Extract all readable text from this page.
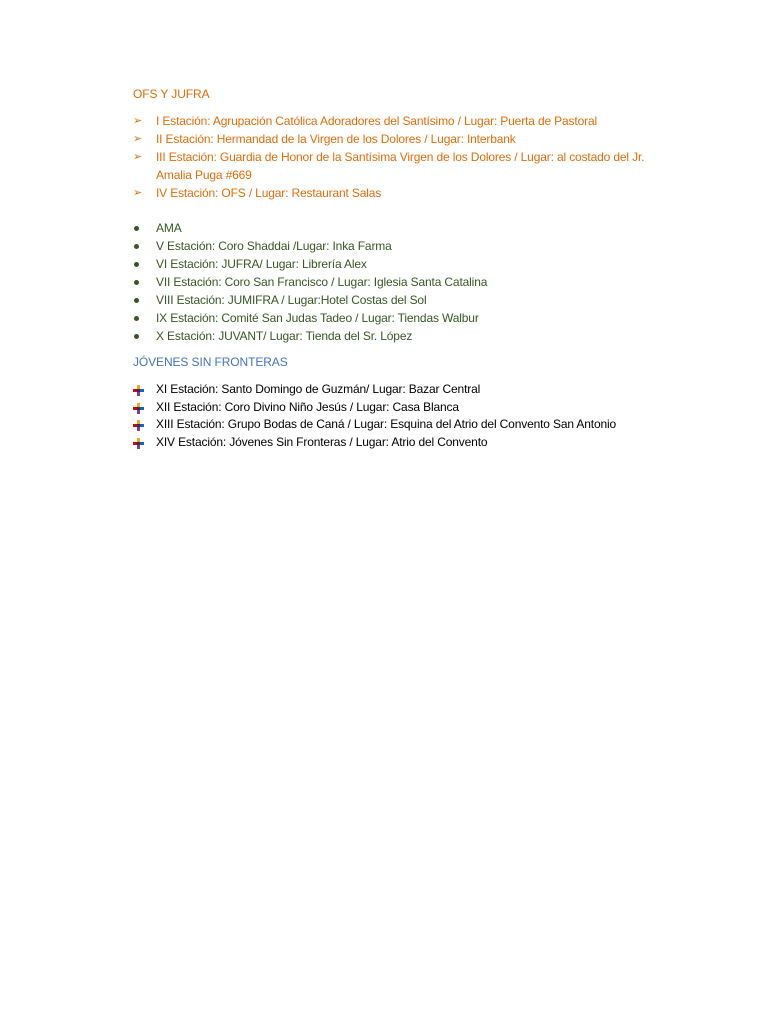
OFS Y JUFRA

➢	I Estación: Agrupación Católica Adoradores del Santísimo / Lugar: Puerta de Pastoral
➢	II Estación: Hermandad de la Virgen de los Dolores / Lugar: Interbank
➢	III Estación: Guardia de Honor de la Santísima Virgen de los Dolores / Lugar: al costado del Jr. Amalia Puga #669
➢	IV Estación: OFS / Lugar: Restaurant Salas
AMA
V Estación: Coro Shaddai /Lugar: Inka Farma
VI Estación: JUFRA/ Lugar: Librería Alex
VII Estación: Coro San Francisco / Lugar: Iglesia Santa Catalina
VIII Estación: JUMIFRA / Lugar:Hotel Costas del Sol
IX Estación: Comité San Judas Tadeo / Lugar: Tiendas Walbur
X Estación: JUVANT/ Lugar: Tienda del Sr. López

JÓVENES SIN FRONTERAS

XI Estación: Santo Domingo de Guzmán/ Lugar: Bazar Central
XII Estación: Coro Divino Niño Jesús / Lugar: Casa Blanca
XIII Estación: Grupo Bodas de Caná / Lugar: Esquina del Atrio del Convento San Antonio
XIV Estación: Jóvenes Sin Fronteras / Lugar: Atrio del Convento
